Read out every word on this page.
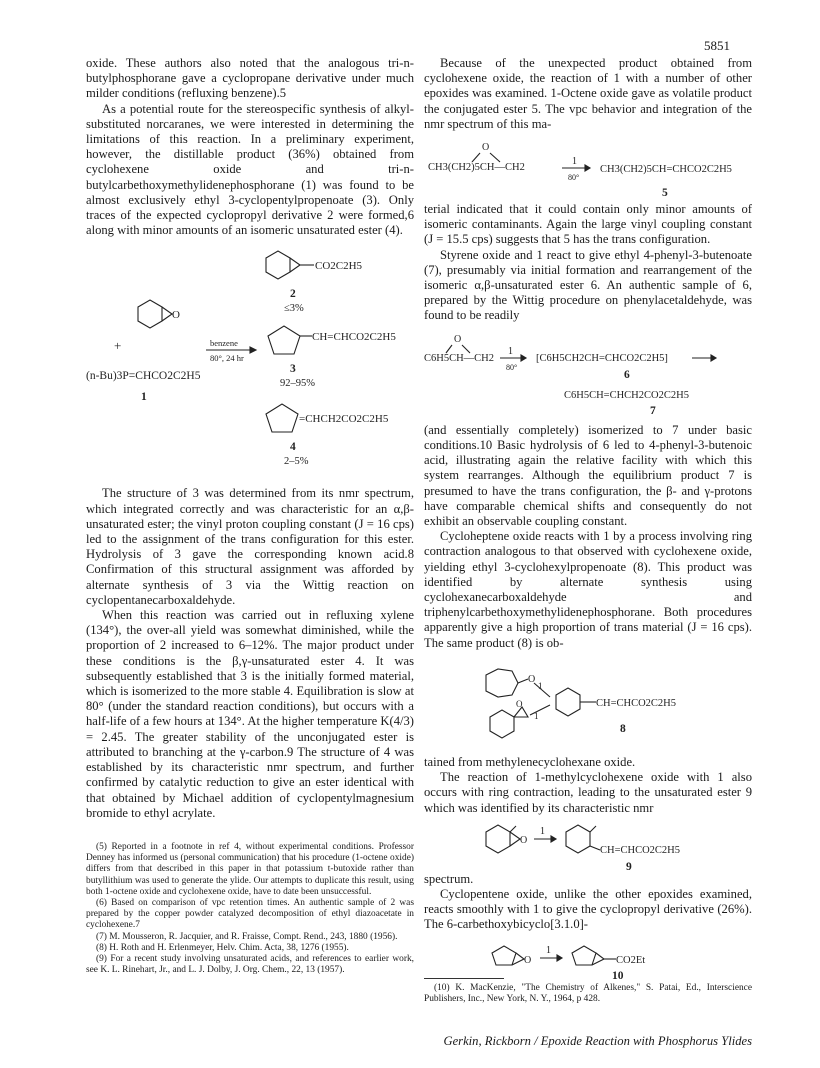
5851

oxide. These authors also noted that the analogous tri-n-butylphosphorane gave a cyclopropane derivative under much milder conditions (refluxing benzene).5

As a potential route for the stereospecific synthesis of alkyl-substituted norcaranes, we were interested in determining the limitations of this reaction. In a preliminary experiment, however, the distillable product (36%) obtained from cyclohexene oxide and tri-n-butylcarbethoxymethylidenephosphorane (1) was found to be almost exclusively ethyl 3-cyclopentylpropenoate (3). Only traces of the expected cyclopropyl derivative 2 were formed,6 along with minor amounts of an isomeric unsaturated ester (4).

O
+
(n-Bu)3P=CHCO2C2H5
1
benzene
80°, 24 hr
CO2C2H5
2
≤3%
CH=CHCO2C2H5
3
92–95%
=CHCH2CO2C2H5
4
2–5%

The structure of 3 was determined from its nmr spectrum, which integrated correctly and was characteristic for an α,β-unsaturated ester; the vinyl proton coupling constant (J = 16 cps) led to the assignment of the trans configuration for this ester. Hydrolysis of 3 gave the corresponding known acid.8 Confirmation of this structural assignment was afforded by alternate synthesis of 3 via the Wittig reaction on cyclopentanecarboxaldehyde.

When this reaction was carried out in refluxing xylene (134°), the over-all yield was somewhat diminished, while the proportion of 2 increased to 6–12%. The major product under these conditions is the β,γ-unsaturated ester 4. It was subsequently established that 3 is the initially formed material, which is isomerized to the more stable 4. Equilibration is slow at 80° (under the standard reaction conditions), but occurs with a half-life of a few hours at 134°. At the higher temperature K(4/3) = 2.45. The greater stability of the unconjugated ester is attributed to branching at the γ-carbon.9 The structure of 4 was established by its characteristic nmr spectrum, and further confirmed by catalytic reduction to give an ester identical with that obtained by Michael addition of cyclopentylmagnesium bromide to ethyl acrylate.

(5) Reported in a footnote in ref 4, without experimental conditions. Professor Denney has informed us (personal communication) that his procedure (1-octene oxide) differs from that described in this paper in that potassium t-butoxide rather than butyllithium was used to generate the ylide. Our attempts to duplicate this result, using both 1-octene oxide and cyclohexene oxide, have to date been unsuccessful.

(6) Based on comparison of vpc retention times. An authentic sample of 2 was prepared by the copper powder catalyzed decomposition of ethyl diazoacetate in cyclohexene.7

(7) M. Mousseron, R. Jacquier, and R. Fraisse, Compt. Rend., 243, 1880 (1956).

(8) H. Roth and H. Erlenmeyer, Helv. Chim. Acta, 38, 1276 (1955).

(9) For a recent study involving unsaturated acids, and references to earlier work, see K. L. Rinehart, Jr., and L. J. Dolby, J. Org. Chem., 22, 13 (1957).

Because of the unexpected product obtained from cyclohexene oxide, the reaction of 1 with a number of other epoxides was examined. 1-Octene oxide gave as volatile product the conjugated ester 5. The vpc behavior and integration of the nmr spectrum of this ma-

O
CH3(CH2)5CH—CH2
1
80°
CH3(CH2)5CH=CHCO2C2H5
5

terial indicated that it could contain only minor amounts of isomeric contaminants. Again the large vinyl coupling constant (J = 15.5 cps) suggests that 5 has the trans configuration.

Styrene oxide and 1 react to give ethyl 4-phenyl-3-butenoate (7), presumably via initial formation and rearrangement of the isomeric α,β-unsaturated ester 6. An authentic sample of 6, prepared by the Wittig procedure on phenylacetaldehyde, was found to be readily

O
C6H5CH—CH2
1
80°
[C6H5CH2CH=CHCO2C2H5]
6
C6H5CH=CHCH2CO2C2H5
7

(and essentially completely) isomerized to 7 under basic conditions.10 Basic hydrolysis of 6 led to 4-phenyl-3-butenoic acid, illustrating again the relative facility with which this system rearranges. Although the equilibrium product 7 is presumed to have the trans configuration, the β- and γ-protons have comparable chemical shifts and consequently do not exhibit an observable coupling constant.

Cycloheptene oxide reacts with 1 by a process involving ring contraction analogous to that observed with cyclohexene oxide, yielding ethyl 3-cyclohexylpropenoate (8). This product was identified by alternate synthesis using cyclohexanecarboxaldehyde and triphenylcarbethoxymethylidenephosphorane. Both procedures apparently give a high proportion of trans material (J = 16 cps). The same product (8) is ob-

O
1
O
1
CH=CHCO2C2H5
8

tained from methylenecyclohexane oxide.

The reaction of 1-methylcyclohexene oxide with 1 also occurs with ring contraction, leading to the unsaturated ester 9 which was identified by its characteristic nmr

O
1
CH=CHCO2C2H5
9

spectrum.

Cyclopentene oxide, unlike the other epoxides examined, reacts smoothly with 1 to give the cyclopropyl derivative (26%). The 6-carbethoxybicyclo[3.1.0]-

O
1
CO2Et
10

(10) K. MacKenzie, "The Chemistry of Alkenes," S. Patai, Ed., Interscience Publishers, Inc., New York, N. Y., 1964, p 428.

Gerkin, Rickborn / Epoxide Reaction with Phosphorus Ylides
